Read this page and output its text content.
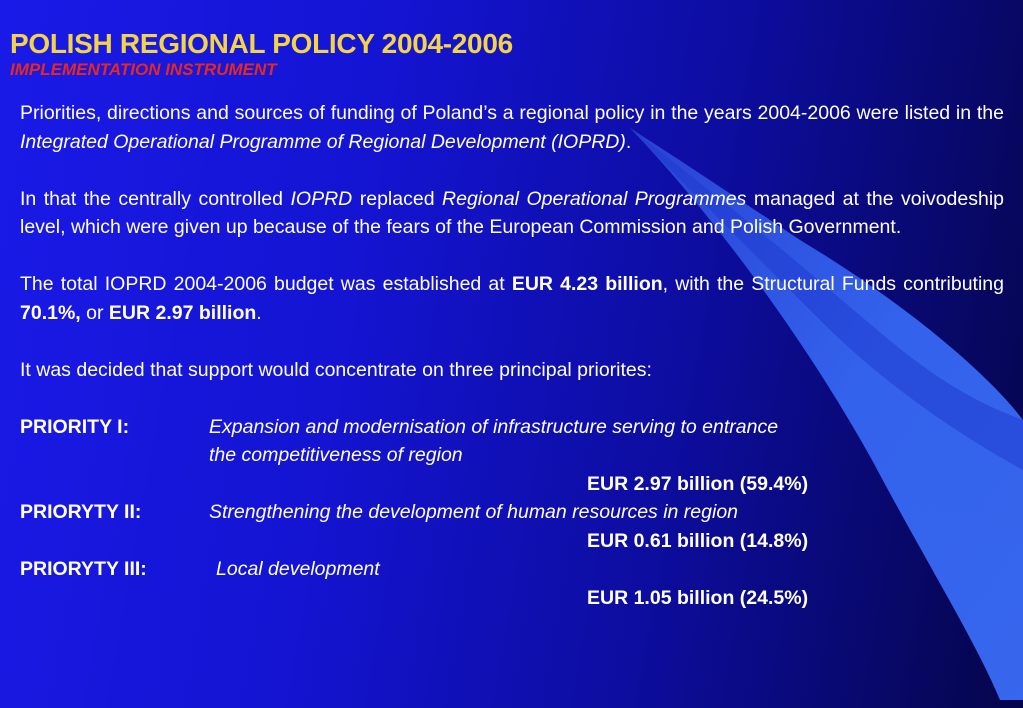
POLISH REGIONAL POLICY 2004-2006
IMPLEMENTATION INSTRUMENT

Priorities, directions and sources of funding of Poland’s a regional policy in the years 2004-2006 were listed in the Integrated Operational Programme of Regional Development (IOPRD).

In that the centrally controlled IOPRD replaced Regional Operational Programmes managed at the voivodeship level, which were given up because of the fears of the European Commission and Polish Government.

The total IOPRD 2004-2006 budget was established at EUR 4.23 billion, with the Structural Funds contributing 70.1%, or EUR 2.97 billion.

It was decided that support would concentrate on three principal priorites:

PRIORITY I:	Expansion and modernisation of infrastructure serving to entrance
the competitiveness of region
EUR 2.97 billion (59.4%)
PRIORYTY II:	Strengthening the development of human resources in region
EUR 0.61 billion (14.8%)
PRIORYTY III:	Local development
EUR 1.05 billion (24.5%)
